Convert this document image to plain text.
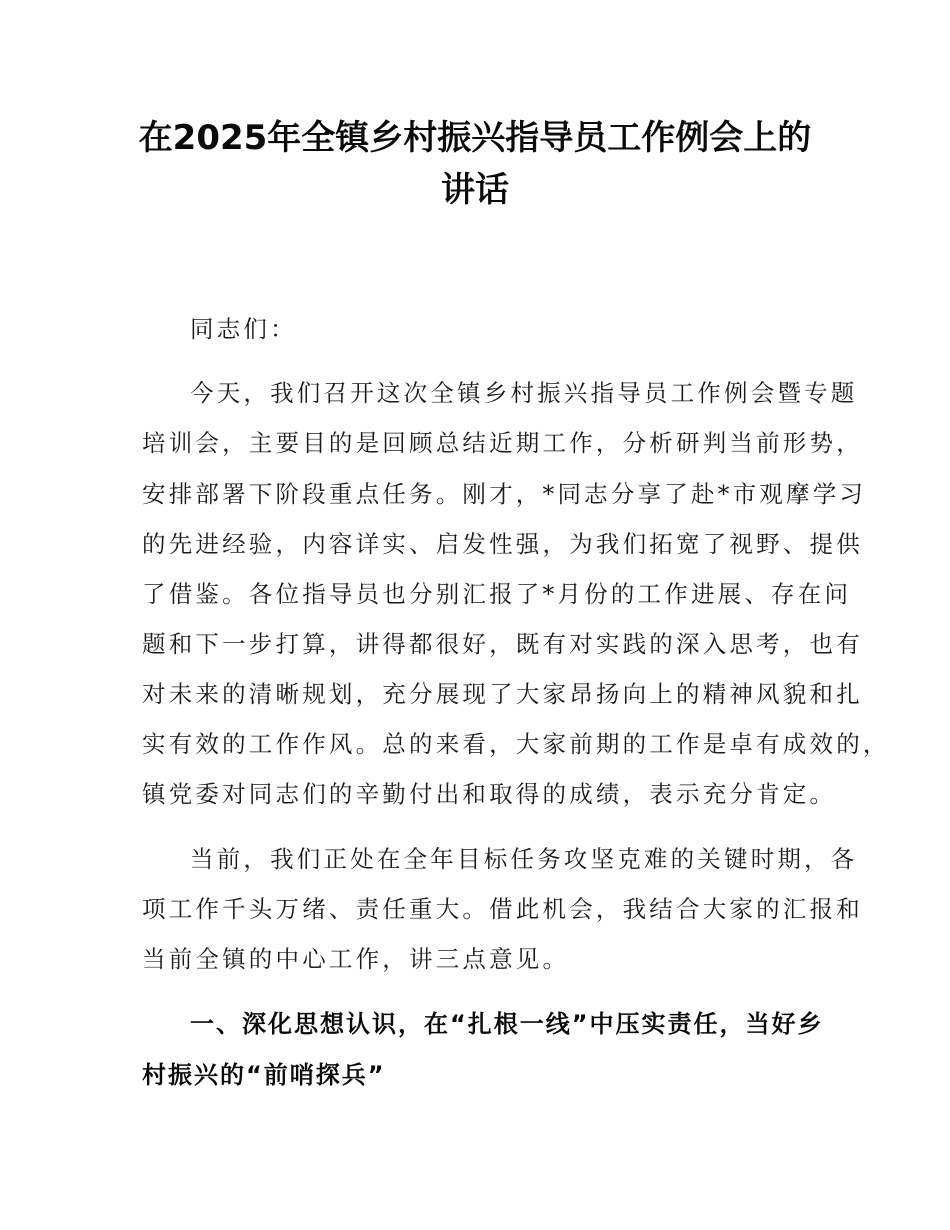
在2025年全镇乡村振兴指导员工作例会上的
讲话
同志们：
今天，我们召开这次全镇乡村振兴指导员工作例会暨专题
培训会，主要目的是回顾总结近期工作，分析研判当前形势，
安排部署下阶段重点任务。刚才，*同志分享了赴*市观摩学习
的先进经验，内容详实、启发性强，为我们拓宽了视野、提供
了借鉴。各位指导员也分别汇报了*月份的工作进展、存在问
题和下一步打算，讲得都很好，既有对实践的深入思考，也有
对未来的清晰规划，充分展现了大家昂扬向上的精神风貌和扎
实有效的工作作风。总的来看，大家前期的工作是卓有成效的，
镇党委对同志们的辛勤付出和取得的成绩，表示充分肯定。
当前，我们正处在全年目标任务攻坚克难的关键时期，各
项工作千头万绪、责任重大。借此机会，我结合大家的汇报和
当前全镇的中心工作，讲三点意见。
一、深化思想认识，在“扎根一线”中压实责任，当好乡
村振兴的“前哨探兵”
